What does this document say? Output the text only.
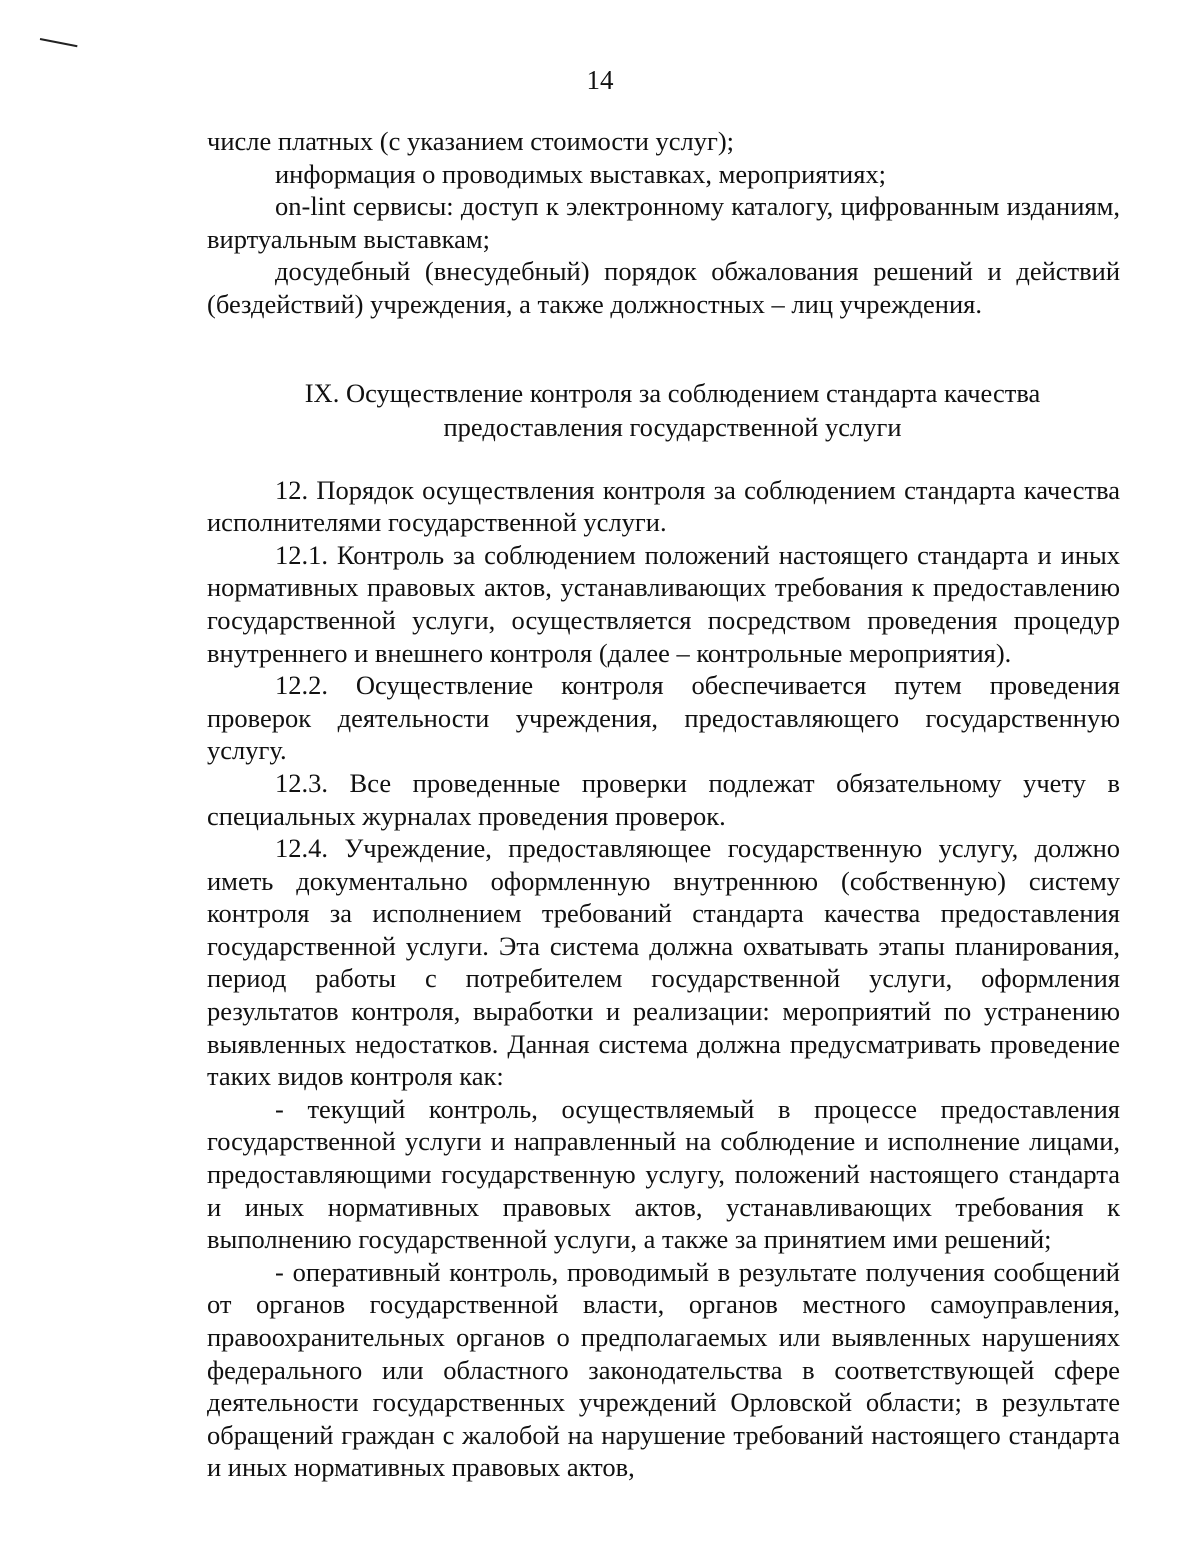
14

числе платных (с указанием стоимости услуг);

информация о проводимых выставках, мероприятиях;

on-lint сервисы: доступ к электронному каталогу, цифрованным изданиям, виртуальным выставкам;

досудебный (внесудебный) порядок обжалования решений и действий (бездействий) учреждения, а также должностных – лиц учреждения.

IX. Осуществление контроля за соблюдением стандарта качества
предоставления государственной услуги

12. Порядок осуществления контроля за соблюдением стандарта качества исполнителями государственной услуги.

12.1. Контроль за соблюдением положений настоящего стандарта и иных нормативных правовых актов, устанавливающих требования к предоставлению государственной услуги, осуществляется посредством проведения процедур внутреннего и внешнего контроля (далее – контрольные мероприятия).

12.2. Осуществление контроля обеспечивается путем проведения проверок деятельности учреждения, предоставляющего государственную услугу.

12.3. Все проведенные проверки подлежат обязательному учету в специальных журналах проведения проверок.

12.4. Учреждение, предоставляющее государственную услугу, должно иметь документально оформленную внутреннюю (собственную) систему контроля за исполнением требований стандарта качества предоставления государственной услуги. Эта система должна охватывать этапы планирования, период работы с потребителем государственной услуги, оформления результатов контроля, выработки и реализации: мероприятий по устранению выявленных недостатков. Данная система должна предусматривать проведение таких видов контроля как:

- текущий контроль, осуществляемый в процессе предоставления государственной услуги и направленный на соблюдение и исполнение лицами, предоставляющими государственную услугу, положений настоящего стандарта и иных нормативных правовых актов, устанавливающих требования к выполнению государственной услуги, а также за принятием ими решений;

- оперативный контроль, проводимый в результате получения сообщений от органов государственной власти, органов местного самоуправления, правоохранительных органов о предполагаемых или выявленных нарушениях федерального или областного законодательства в соответствующей сфере деятельности государственных учреждений Орловской области; в результате обращений граждан с жалобой на нарушение требований настоящего стандарта и иных нормативных правовых актов,
